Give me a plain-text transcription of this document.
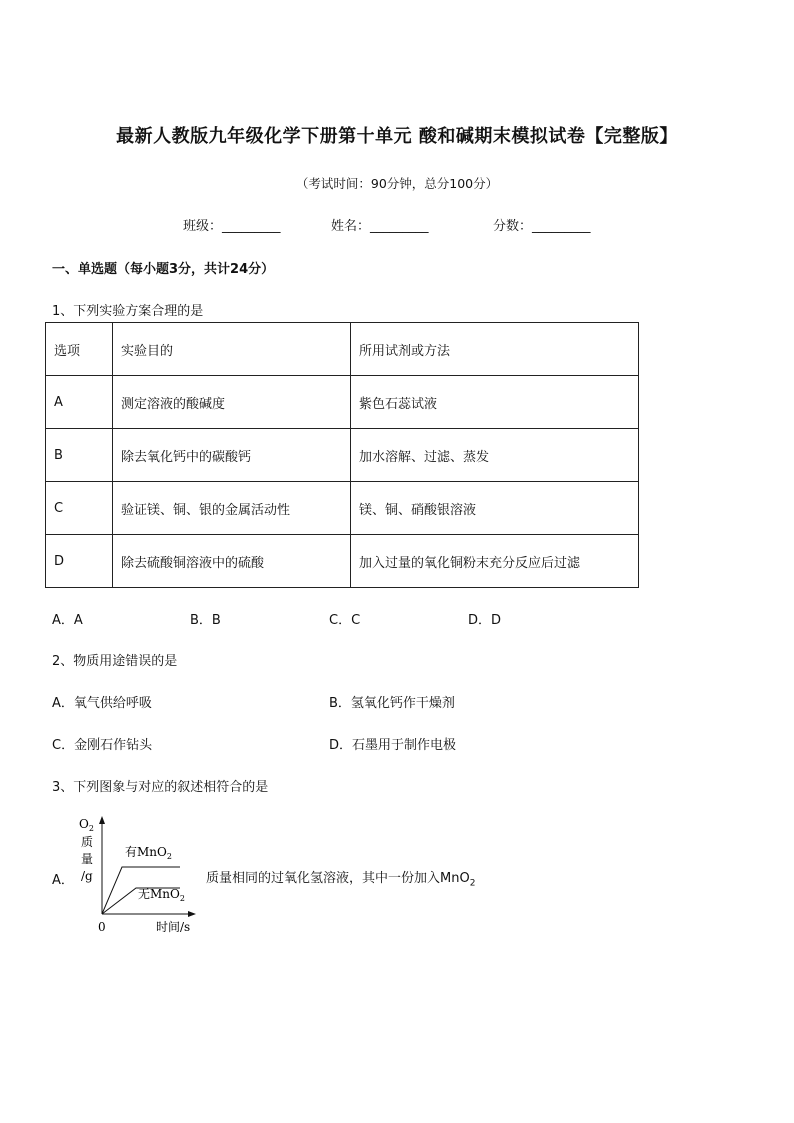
最新人教版九年级化学下册第十单元 酸和碱期末模拟试卷【完整版】
（考试时间：90分钟，总分100分）
班级：_________	姓名：_________	分数：_________
一、单选题（每小题3分，共计24分）
1、下列实验方案合理的是
选项	实验目的	所用试剂或方法
A	测定溶液的酸碱度	紫色石蕊试液
B	除去氧化钙中的碳酸钙	加水溶解、过滤、蒸发
C	验证镁、铜、银的金属活动性	镁、铜、硝酸银溶液
D	除去硫酸铜溶液中的硫酸	加入过量的氧化铜粉末充分反应后过滤
A．A	B．B	C．C	D．D
2、物质用途错误的是
A．氧气供给呼吸	B．氢氧化钙作干燥剂
C．金刚石作钻头	D．石墨用于制作电极
3、下列图象与对应的叙述相符合的是
A．
$O_2$
质
量
/g
有MnO$_2$
无MnO$_2$
0	时间/s
质量相同的过氧化氢溶液，其中一份加入MnO$_2$
